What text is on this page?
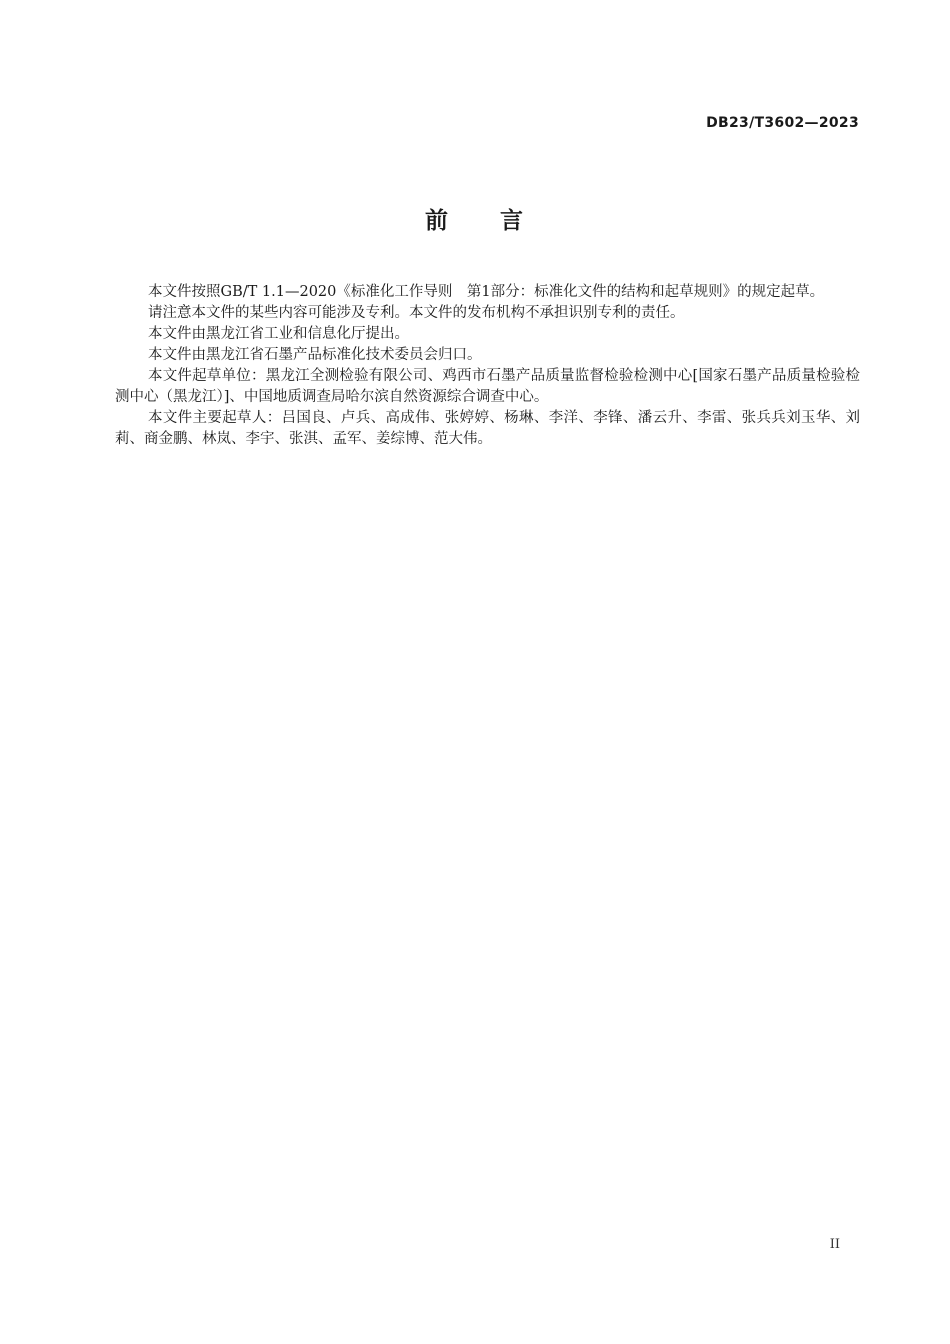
DB23/T3602—2023
前 言

本文件按照GB/T 1.1—2020《标准化工作导则　第1部分：标准化文件的结构和起草规则》的规定起草。

请注意本文件的某些内容可能涉及专利。本文件的发布机构不承担识别专利的责任。

本文件由黑龙江省工业和信息化厅提出。

本文件由黑龙江省石墨产品标准化技术委员会归口。

本文件起草单位：黑龙江全测检验有限公司、鸡西市石墨产品质量监督检验检测中心[国家石墨产品质量检验检测中心（黑龙江）]、中国地质调查局哈尔滨自然资源综合调查中心。

本文件主要起草人：吕国良、卢兵、高成伟、张婷婷、杨琳、李洋、李锋、潘云升、李雷、张兵兵刘玉华、刘莉、商金鹏、林岚、李宇、张淇、孟军、姜综博、范大伟。

II
